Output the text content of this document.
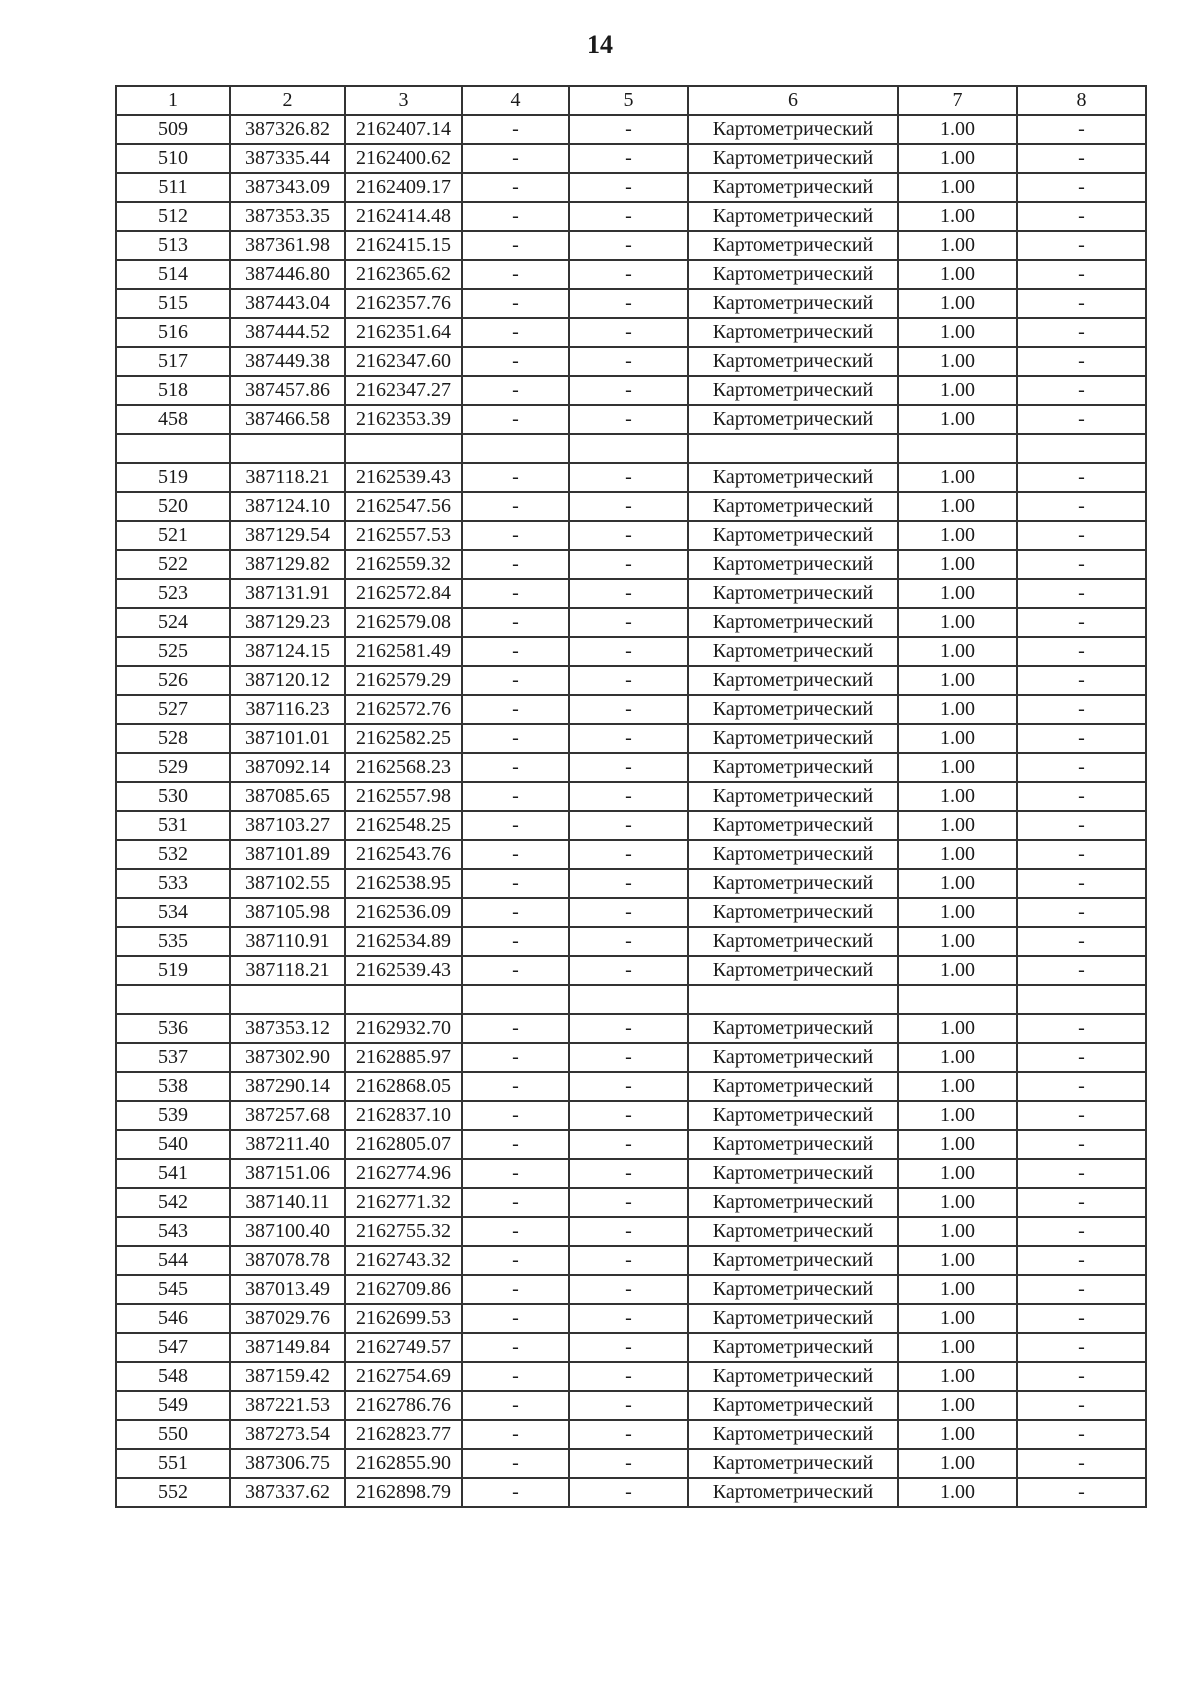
14
1	2	3	4	5	6	7	8
509	387326.82	2162407.14	-	-	Картометрический	1.00	-
510	387335.44	2162400.62	-	-	Картометрический	1.00	-
511	387343.09	2162409.17	-	-	Картометрический	1.00	-
512	387353.35	2162414.48	-	-	Картометрический	1.00	-
513	387361.98	2162415.15	-	-	Картометрический	1.00	-
514	387446.80	2162365.62	-	-	Картометрический	1.00	-
515	387443.04	2162357.76	-	-	Картометрический	1.00	-
516	387444.52	2162351.64	-	-	Картометрический	1.00	-
517	387449.38	2162347.60	-	-	Картометрический	1.00	-
518	387457.86	2162347.27	-	-	Картометрический	1.00	-
458	387466.58	2162353.39	-	-	Картометрический	1.00	-

519	387118.21	2162539.43	-	-	Картометрический	1.00	-
520	387124.10	2162547.56	-	-	Картометрический	1.00	-
521	387129.54	2162557.53	-	-	Картометрический	1.00	-
522	387129.82	2162559.32	-	-	Картометрический	1.00	-
523	387131.91	2162572.84	-	-	Картометрический	1.00	-
524	387129.23	2162579.08	-	-	Картометрический	1.00	-
525	387124.15	2162581.49	-	-	Картометрический	1.00	-
526	387120.12	2162579.29	-	-	Картометрический	1.00	-
527	387116.23	2162572.76	-	-	Картометрический	1.00	-
528	387101.01	2162582.25	-	-	Картометрический	1.00	-
529	387092.14	2162568.23	-	-	Картометрический	1.00	-
530	387085.65	2162557.98	-	-	Картометрический	1.00	-
531	387103.27	2162548.25	-	-	Картометрический	1.00	-
532	387101.89	2162543.76	-	-	Картометрический	1.00	-
533	387102.55	2162538.95	-	-	Картометрический	1.00	-
534	387105.98	2162536.09	-	-	Картометрический	1.00	-
535	387110.91	2162534.89	-	-	Картометрический	1.00	-
519	387118.21	2162539.43	-	-	Картометрический	1.00	-

536	387353.12	2162932.70	-	-	Картометрический	1.00	-
537	387302.90	2162885.97	-	-	Картометрический	1.00	-
538	387290.14	2162868.05	-	-	Картометрический	1.00	-
539	387257.68	2162837.10	-	-	Картометрический	1.00	-
540	387211.40	2162805.07	-	-	Картометрический	1.00	-
541	387151.06	2162774.96	-	-	Картометрический	1.00	-
542	387140.11	2162771.32	-	-	Картометрический	1.00	-
543	387100.40	2162755.32	-	-	Картометрический	1.00	-
544	387078.78	2162743.32	-	-	Картометрический	1.00	-
545	387013.49	2162709.86	-	-	Картометрический	1.00	-
546	387029.76	2162699.53	-	-	Картометрический	1.00	-
547	387149.84	2162749.57	-	-	Картометрический	1.00	-
548	387159.42	2162754.69	-	-	Картометрический	1.00	-
549	387221.53	2162786.76	-	-	Картометрический	1.00	-
550	387273.54	2162823.77	-	-	Картометрический	1.00	-
551	387306.75	2162855.90	-	-	Картометрический	1.00	-
552	387337.62	2162898.79	-	-	Картометрический	1.00	-
